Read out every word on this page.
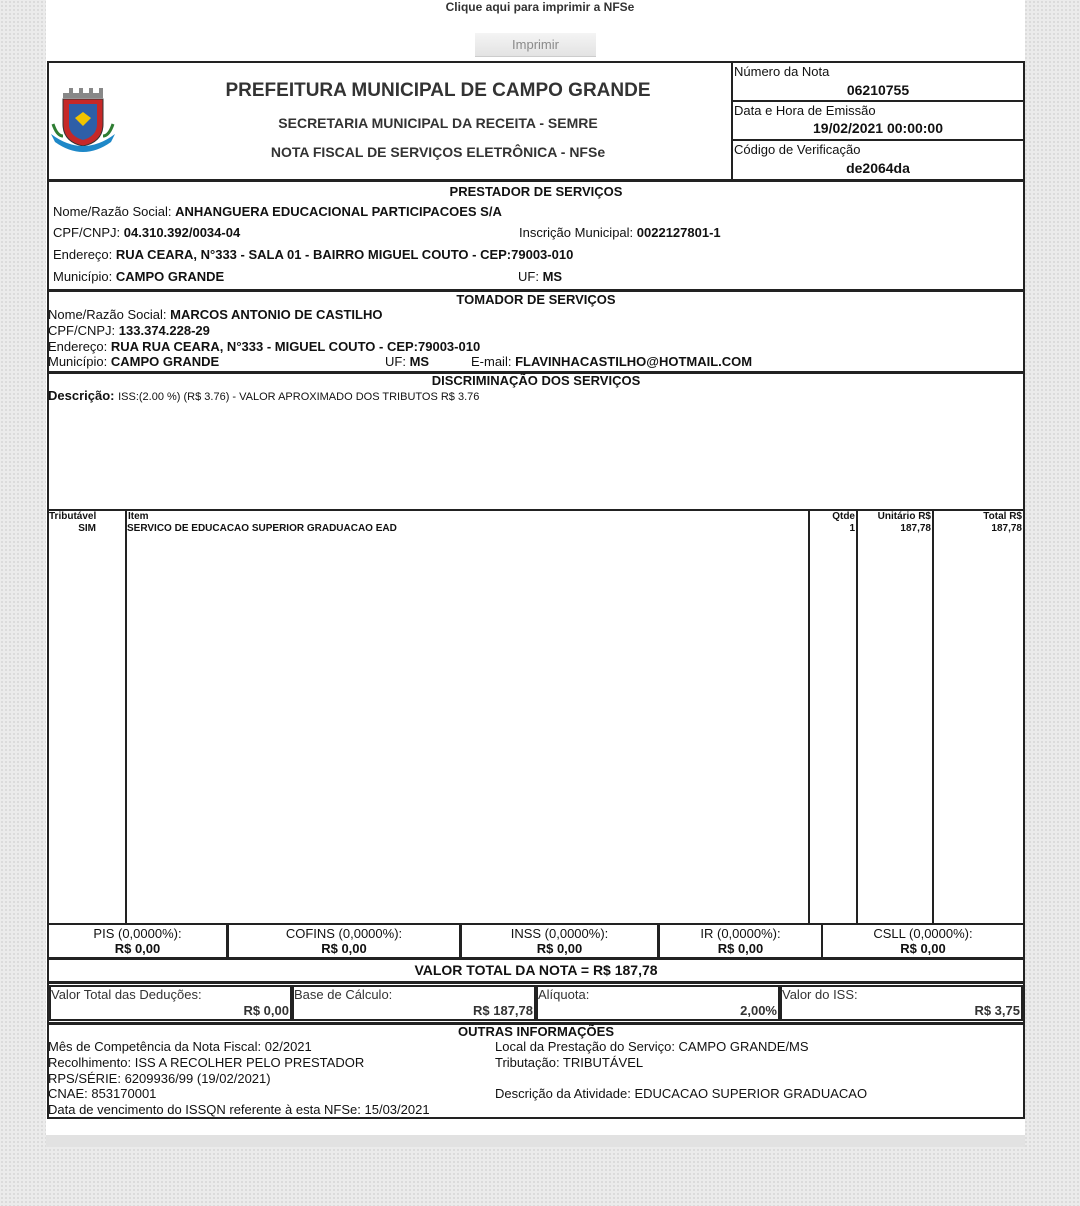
Clique aqui para imprimir a NFSe
Imprimir
PREFEITURA MUNICIPAL DE CAMPO GRANDE
SECRETARIA MUNICIPAL DA RECEITA - SEMRE
NOTA FISCAL DE SERVIÇOS ELETRÔNICA - NFSe
Número da Nota
06210755
Data e Hora de Emissão
19/02/2021 00:00:00
Código de Verificação
de2064da
PRESTADOR DE SERVIÇOS
Nome/Razão Social: ANHANGUERA EDUCACIONAL PARTICIPACOES S/A
CPF/CNPJ: 04.310.392/0034-04	Inscrição Municipal: 0022127801-1
Endereço: RUA CEARA, N°333 - SALA 01 - BAIRRO MIGUEL COUTO - CEP:79003-010
Município: CAMPO GRANDE	UF: MS
TOMADOR DE SERVIÇOS
Nome/Razão Social: MARCOS ANTONIO DE CASTILHO
CPF/CNPJ: 133.374.228-29
Endereço: RUA RUA CEARA, N°333 - MIGUEL COUTO - CEP:79003-010
Município: CAMPO GRANDE	UF: MS	E-mail: FLAVINHACASTILHO@HOTMAIL.COM
DISCRIMINAÇÃO DOS SERVIÇOS
Descrição: ISS:(2.00 %) (R$ 3.76) - VALOR APROXIMADO DOS TRIBUTOS R$ 3.76
Tributável	Item	Qtde	Unitário R$	Total R$
SIM	SERVICO DE EDUCACAO SUPERIOR GRADUACAO EAD	1	187,78	187,78
PIS (0,0000%):
R$ 0,00
COFINS (0,0000%):
R$ 0,00
INSS (0,0000%):
R$ 0,00
IR (0,0000%):
R$ 0,00
CSLL (0,0000%):
R$ 0,00
VALOR TOTAL DA NOTA = R$ 187,78
Valor Total das Deduções:
R$ 0,00
Base de Cálculo:
R$ 187,78
Alíquota:
2,00%
Valor do ISS:
R$ 3,75
OUTRAS INFORMAÇÕES
Mês de Competência da Nota Fiscal: 02/2021	Local da Prestação do Serviço: CAMPO GRANDE/MS
Recolhimento: ISS A RECOLHER PELO PRESTADOR	Tributação: TRIBUTÁVEL
RPS/SÉRIE: 6209936/99 (19/02/2021)
CNAE: 853170001	Descrição da Atividade: EDUCACAO SUPERIOR GRADUACAO
Data de vencimento do ISSQN referente à esta NFSe: 15/03/2021
